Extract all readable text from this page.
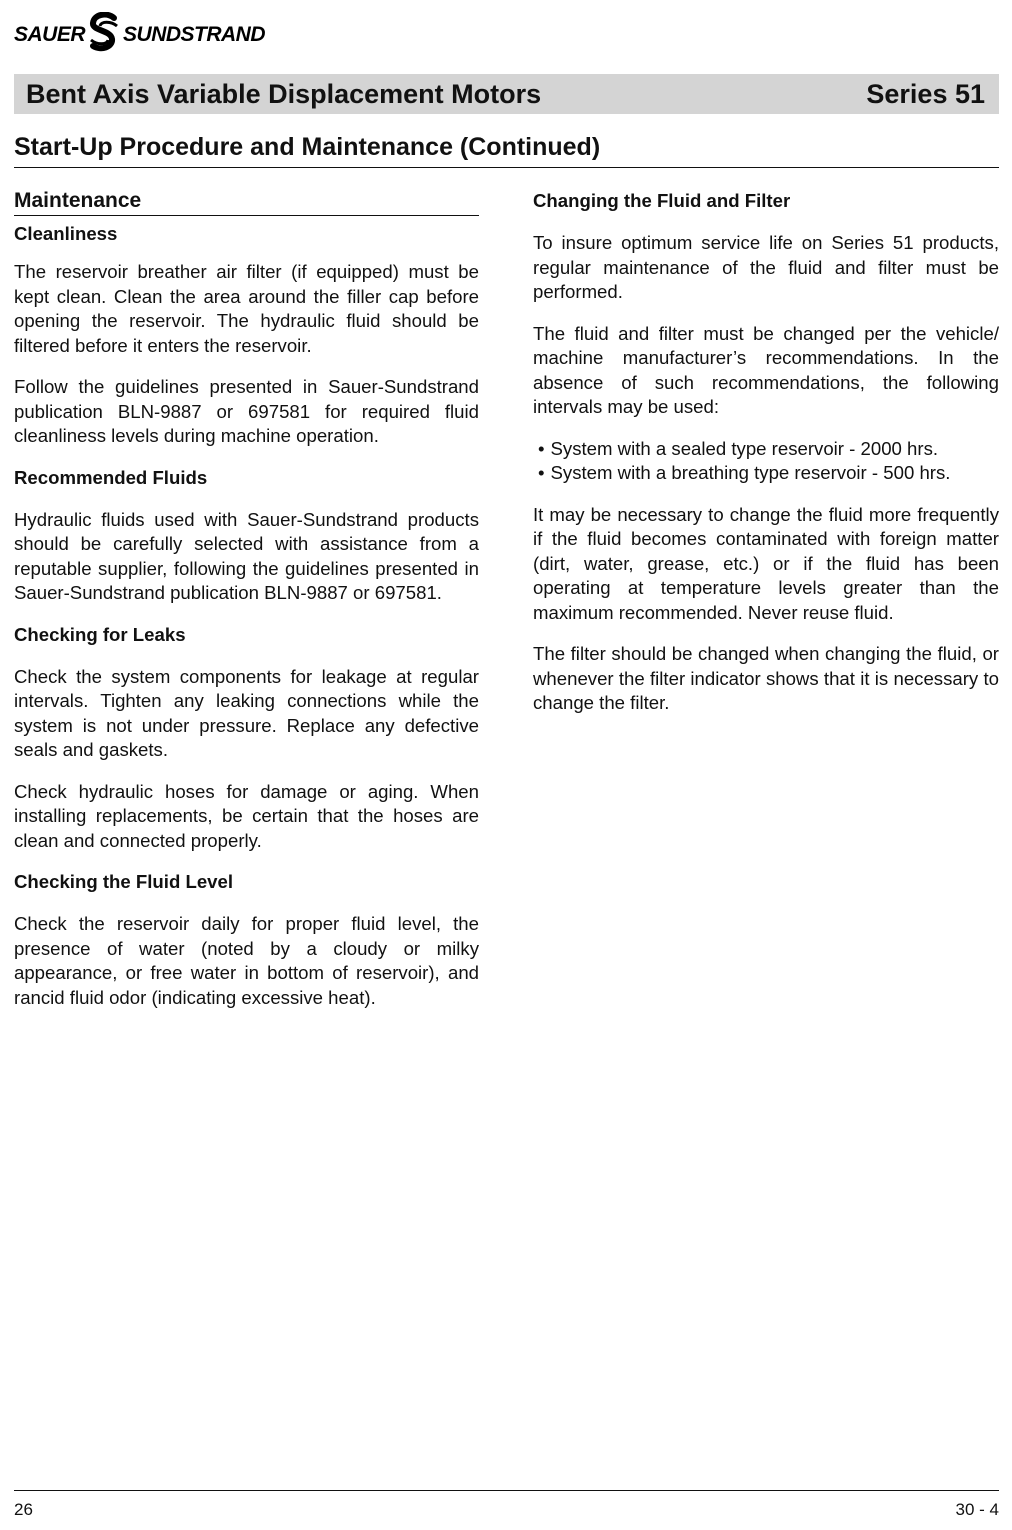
SAUER SUNDSTRAND
Bent Axis Variable Displacement Motors	Series 51
Start-Up Procedure and Maintenance (Continued)
Maintenance
Cleanliness

The reservoir breather air filter (if equipped) must be kept clean. Clean the area around the filler cap before opening the reservoir. The hydraulic fluid should be filtered before it enters the reservoir.

Follow the guidelines presented in Sauer-Sundstrand publication BLN-9887 or 697581 for required fluid cleanliness levels during machine operation.

Recommended Fluids

Hydraulic fluids used with Sauer-Sundstrand products should be carefully selected with assistance from a reputable supplier, following the guidelines presented in Sauer-Sundstrand publication BLN-9887 or 697581.

Checking for Leaks

Check the system components for leakage at regular intervals. Tighten any leaking connections while the system is not under pressure. Replace any defective seals and gaskets.

Check hydraulic hoses for damage or aging. When installing replacements, be certain that the hoses are clean and connected properly.

Checking the Fluid Level

Check the reservoir daily for proper fluid level, the presence of water (noted by a cloudy or milky appearance, or free water in bottom of reservoir), and rancid fluid odor (indicating excessive heat).

Changing the Fluid and Filter

To insure optimum service life on Series 51 products, regular maintenance of the fluid and filter must be performed.

The fluid and filter must be changed per the vehicle/ machine manufacturer’s recommendations. In the absence of such recommendations, the following intervals may be used:

• System with a sealed type reservoir - 2000 hrs.
• System with a breathing type reservoir - 500 hrs.

It may be necessary to change the fluid more frequently if the fluid becomes contaminated with foreign matter (dirt, water, grease, etc.) or if the fluid has been operating at temperature levels greater than the maximum recommended. Never reuse fluid.

The filter should be changed when changing the fluid, or whenever the filter indicator shows that it is necessary to change the filter.

26	30 - 4
